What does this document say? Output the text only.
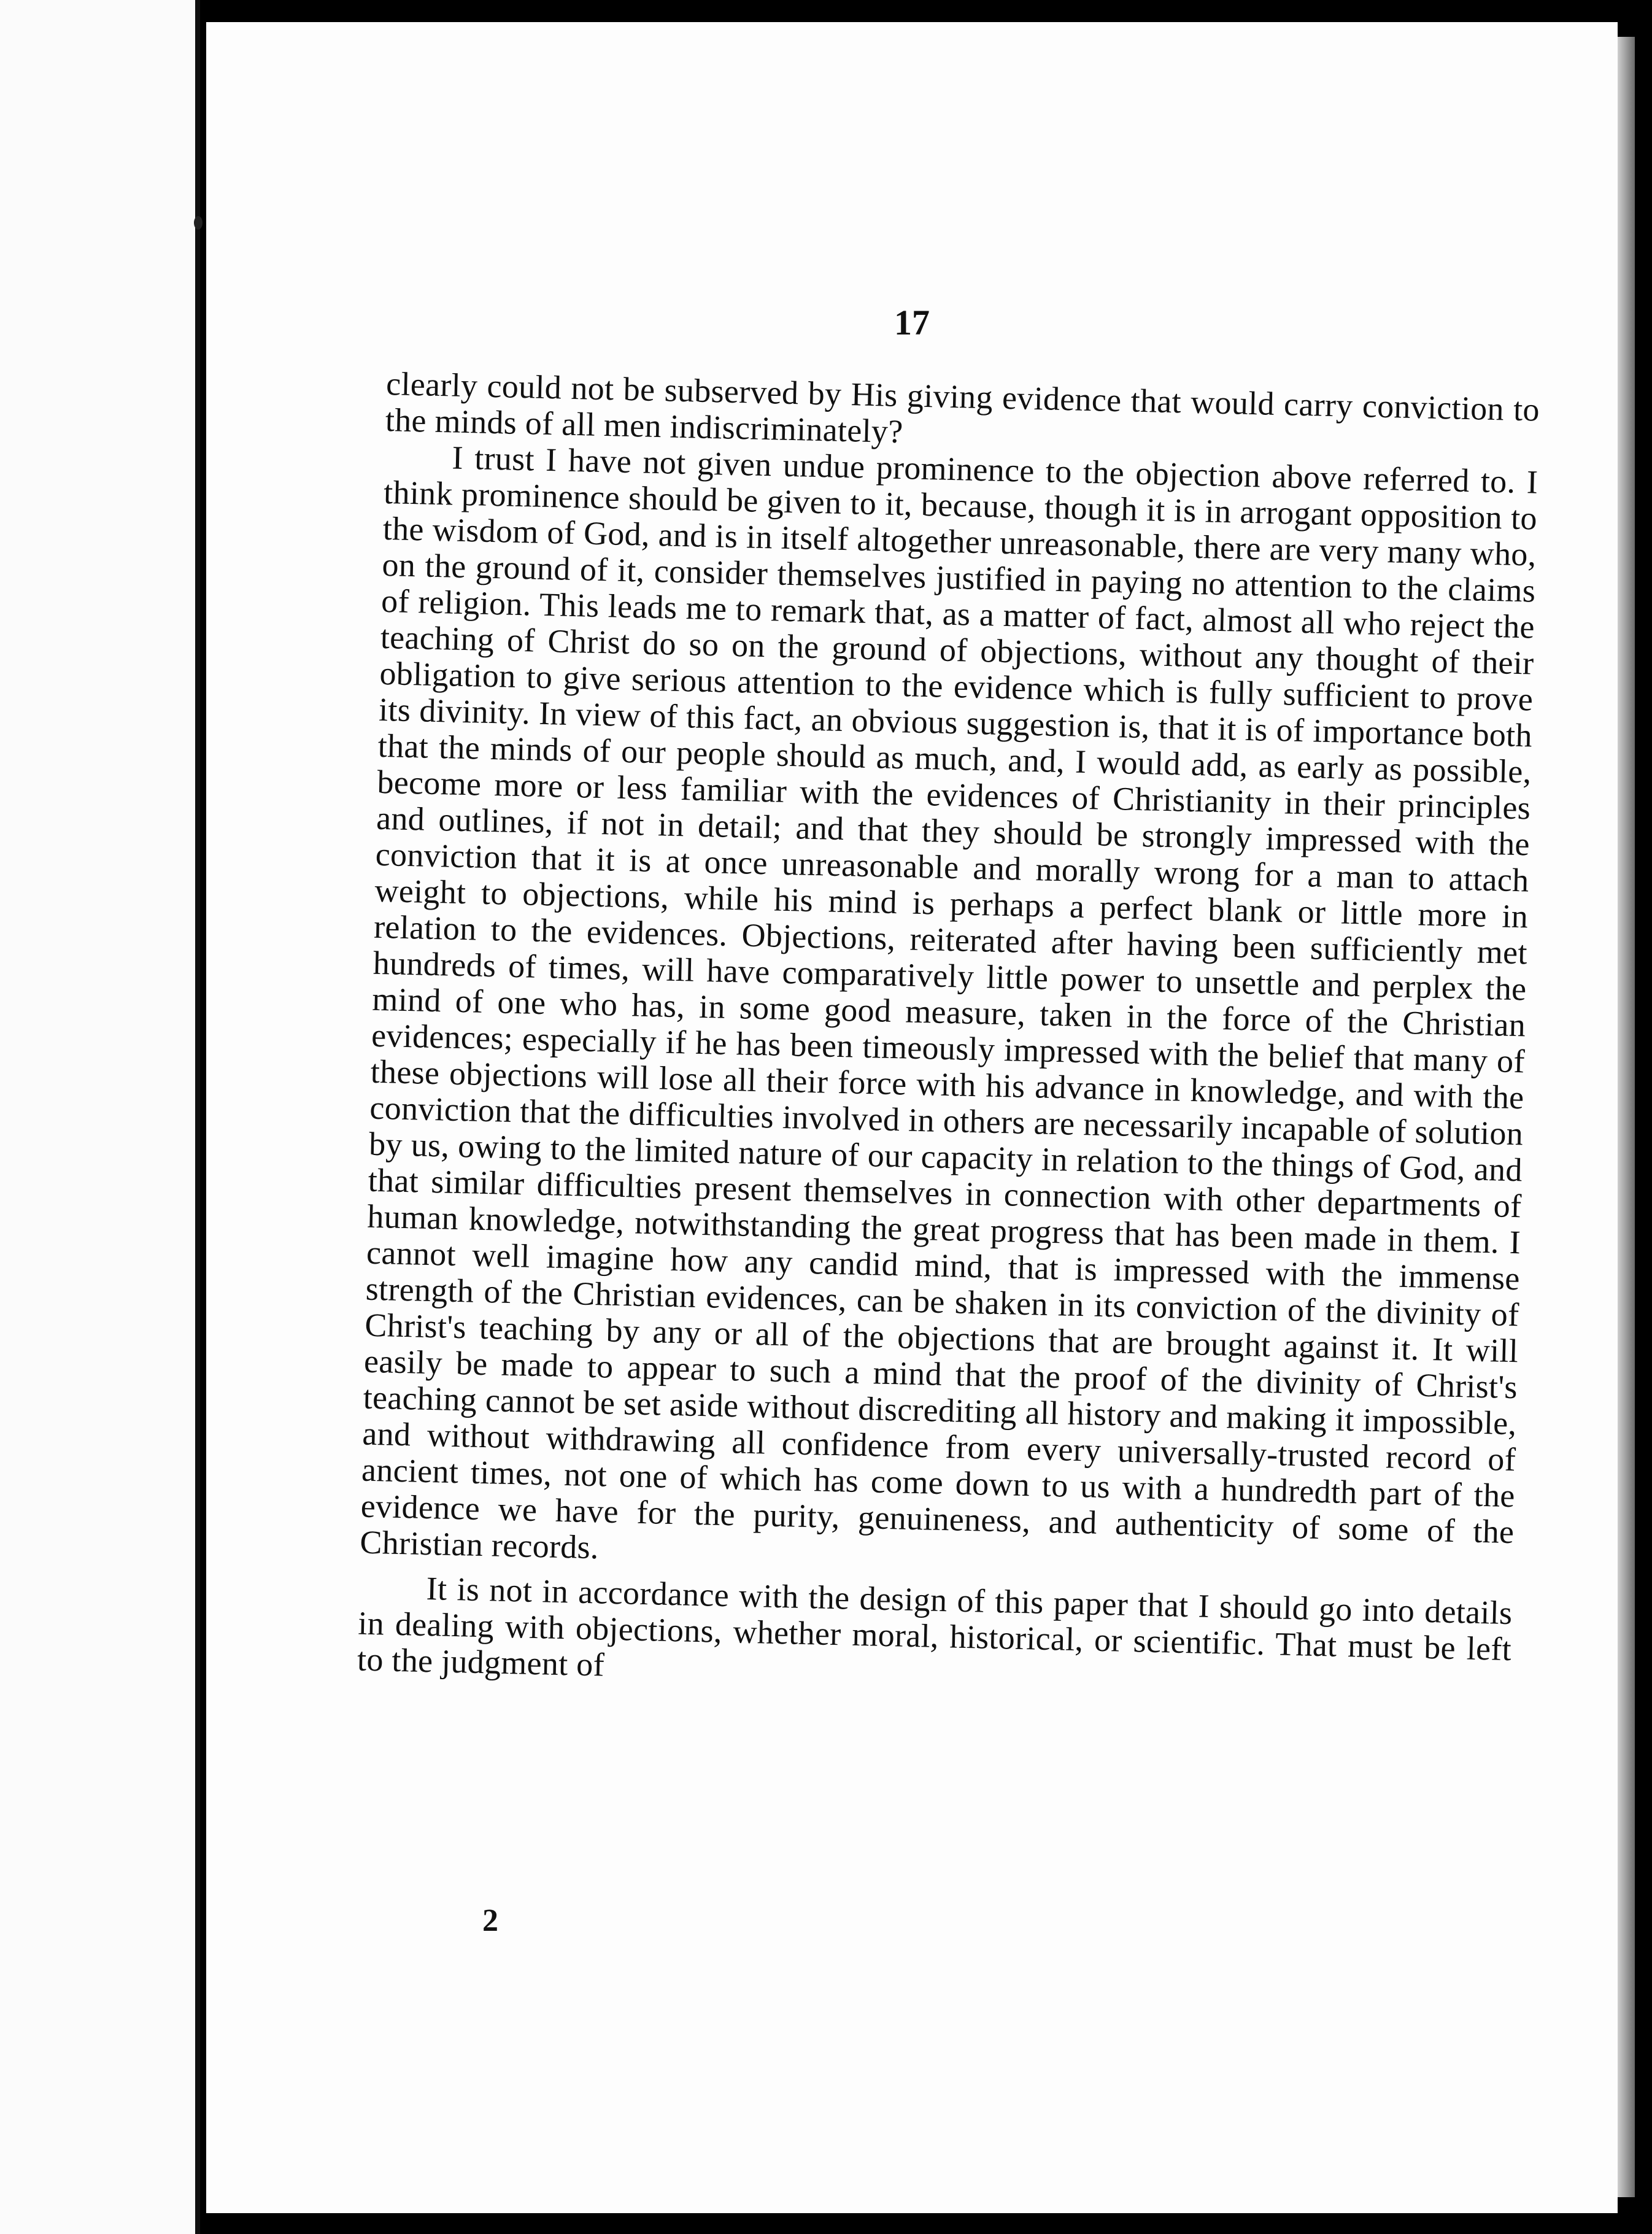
17

clearly could not be subserved by His giving evidence that would carry conviction to the minds of all men indiscriminately?

I trust I have not given undue prominence to the objection above referred to. I think prominence should be given to it, because, though it is in arrogant opposition to the wisdom of God, and is in itself altogether unreasonable, there are very many who, on the ground of it, consider themselves justified in paying no attention to the claims of religion. This leads me to remark that, as a matter of fact, almost all who reject the teaching of Christ do so on the ground of objections, without any thought of their obligation to give serious attention to the evidence which is fully sufficient to prove its divinity. In view of this fact, an obvious suggestion is, that it is of importance both that the minds of our people should as much, and, I would add, as early as possible, become more or less familiar with the evidences of Christianity in their principles and outlines, if not in detail; and that they should be strongly impressed with the conviction that it is at once unreasonable and morally wrong for a man to attach weight to objections, while his mind is perhaps a perfect blank or little more in relation to the evidences. Objections, reiterated after having been sufficiently met hundreds of times, will have comparatively little power to unsettle and perplex the mind of one who has, in some good measure, taken in the force of the Christian evidences; especially if he has been timeously impressed with the belief that many of these objections will lose all their force with his advance in knowledge, and with the conviction that the difficulties involved in others are necessarily incapable of solution by us, owing to the limited nature of our capacity in relation to the things of God, and that similar difficulties present themselves in connection with other departments of human knowledge, notwithstanding the great progress that has been made in them. I cannot well imagine how any candid mind, that is impressed with the immense strength of the Christian evidences, can be shaken in its conviction of the divinity of Christ's teaching by any or all of the objections that are brought against it. It will easily be made to appear to such a mind that the proof of the divinity of Christ's teaching cannot be set aside without discrediting all history and making it impossible, and without withdrawing all confidence from every universally-trusted record of ancient times, not one of which has come down to us with a hundredth part of the evidence we have for the purity, genuineness, and authenticity of some of the Christian records.

It is not in accordance with the design of this paper that I should go into details in dealing with objections, whether moral, historical, or scientific. That must be left to the judgment of

2
